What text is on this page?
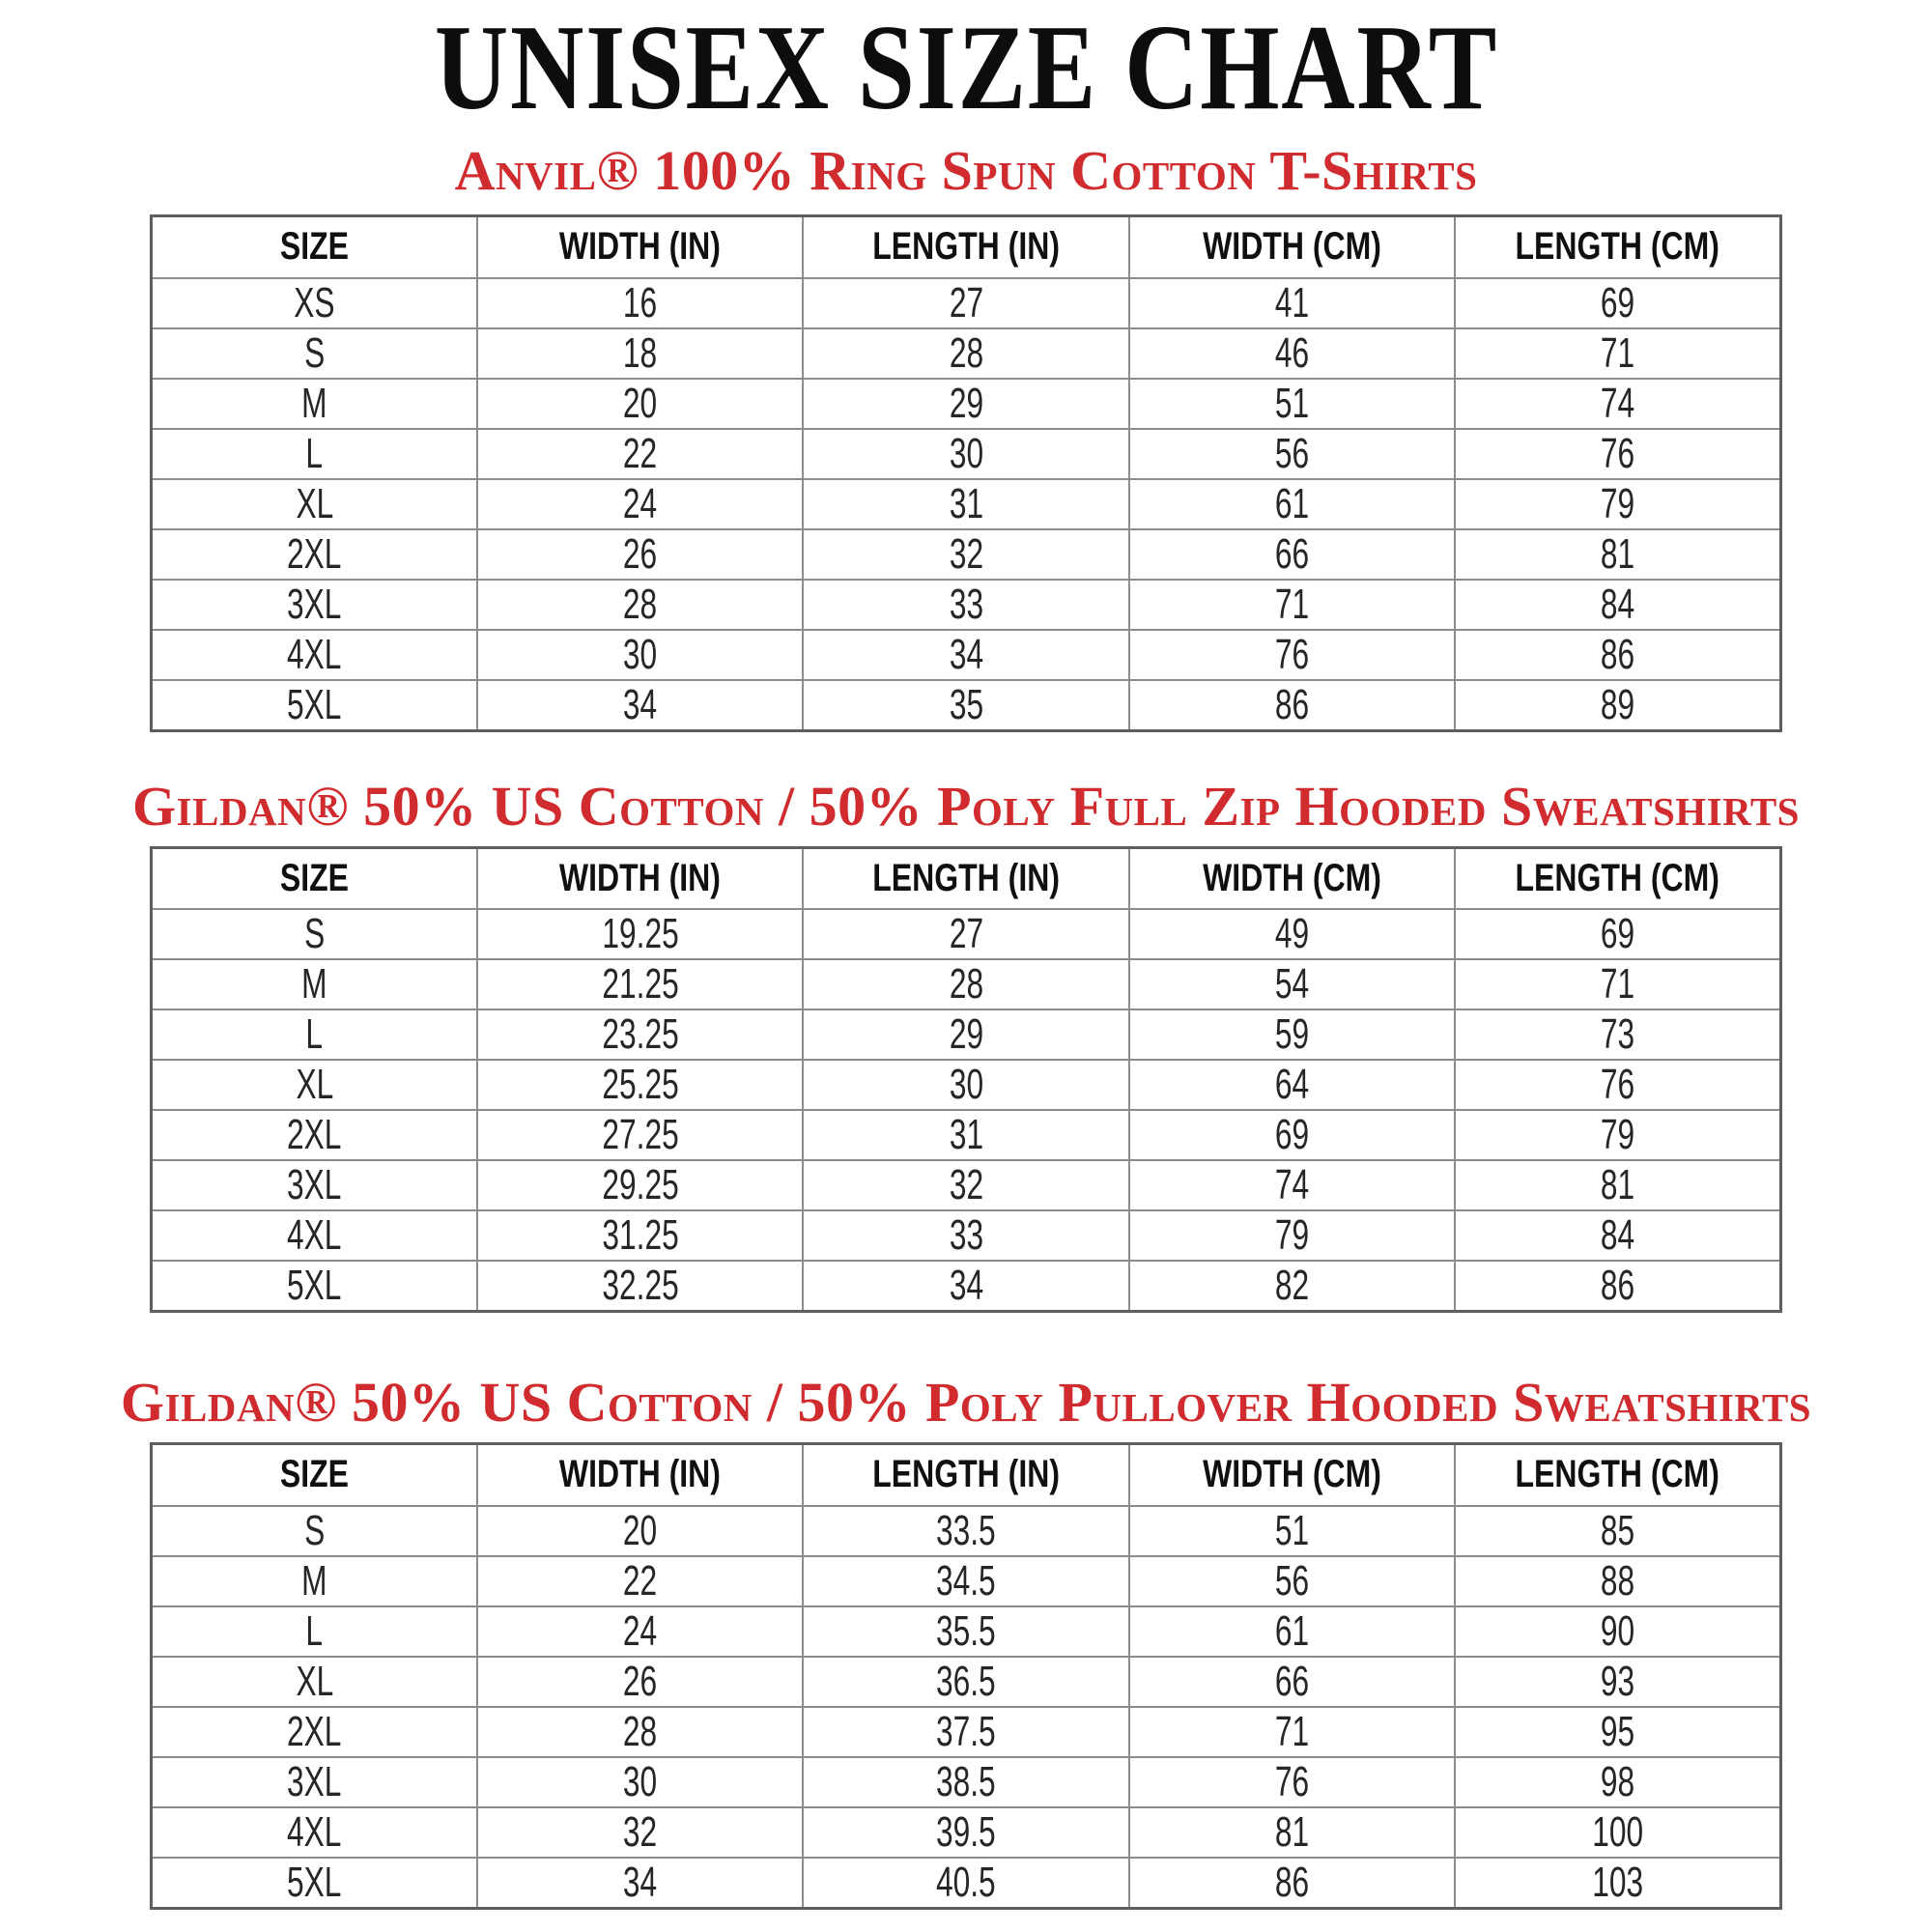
UNISEX SIZE CHART
Anvil® 100% Ring Spun Cotton T-Shirts
SIZE	WIDTH (IN)	LENGTH (IN)	WIDTH (CM)	LENGTH (CM)
XS	16	27	41	69
S	18	28	46	71
M	20	29	51	74
L	22	30	56	76
XL	24	31	61	79
2XL	26	32	66	81
3XL	28	33	71	84
4XL	30	34	76	86
5XL	34	35	86	89
Gildan® 50% US Cotton / 50% Poly Full Zip Hooded Sweatshirts
SIZE	WIDTH (IN)	LENGTH (IN)	WIDTH (CM)	LENGTH (CM)
S	19.25	27	49	69
M	21.25	28	54	71
L	23.25	29	59	73
XL	25.25	30	64	76
2XL	27.25	31	69	79
3XL	29.25	32	74	81
4XL	31.25	33	79	84
5XL	32.25	34	82	86
Gildan® 50% US Cotton / 50% Poly Pullover Hooded Sweatshirts
SIZE	WIDTH (IN)	LENGTH (IN)	WIDTH (CM)	LENGTH (CM)
S	20	33.5	51	85
M	22	34.5	56	88
L	24	35.5	61	90
XL	26	36.5	66	93
2XL	28	37.5	71	95
3XL	30	38.5	76	98
4XL	32	39.5	81	100
5XL	34	40.5	86	103
